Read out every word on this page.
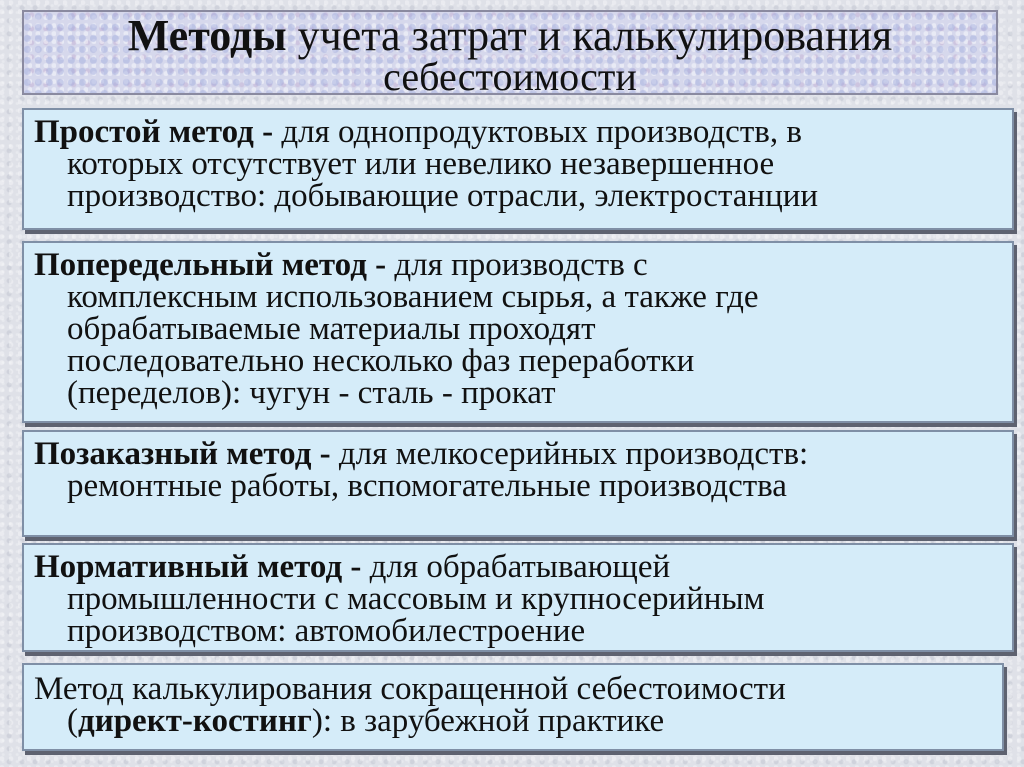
Методы учета затрат и калькулирования
себестоимости
Простой метод - для однопродуктовых производств, в
которых отсутствует или невелико незавершенное
производство: добывающие отрасли, электростанции
Попередельный метод - для производств с
комплексным использованием сырья, а также где
обрабатываемые материалы проходят
последовательно несколько фаз переработки
(переделов): чугун - сталь - прокат
Позаказный метод - для мелкосерийных производств:
ремонтные работы, вспомогательные производства
Нормативный метод - для обрабатывающей
промышленности с массовым и крупносерийным
производством: автомобилестроение
Метод калькулирования сокращенной себестоимости
(директ-костинг): в зарубежной практике
